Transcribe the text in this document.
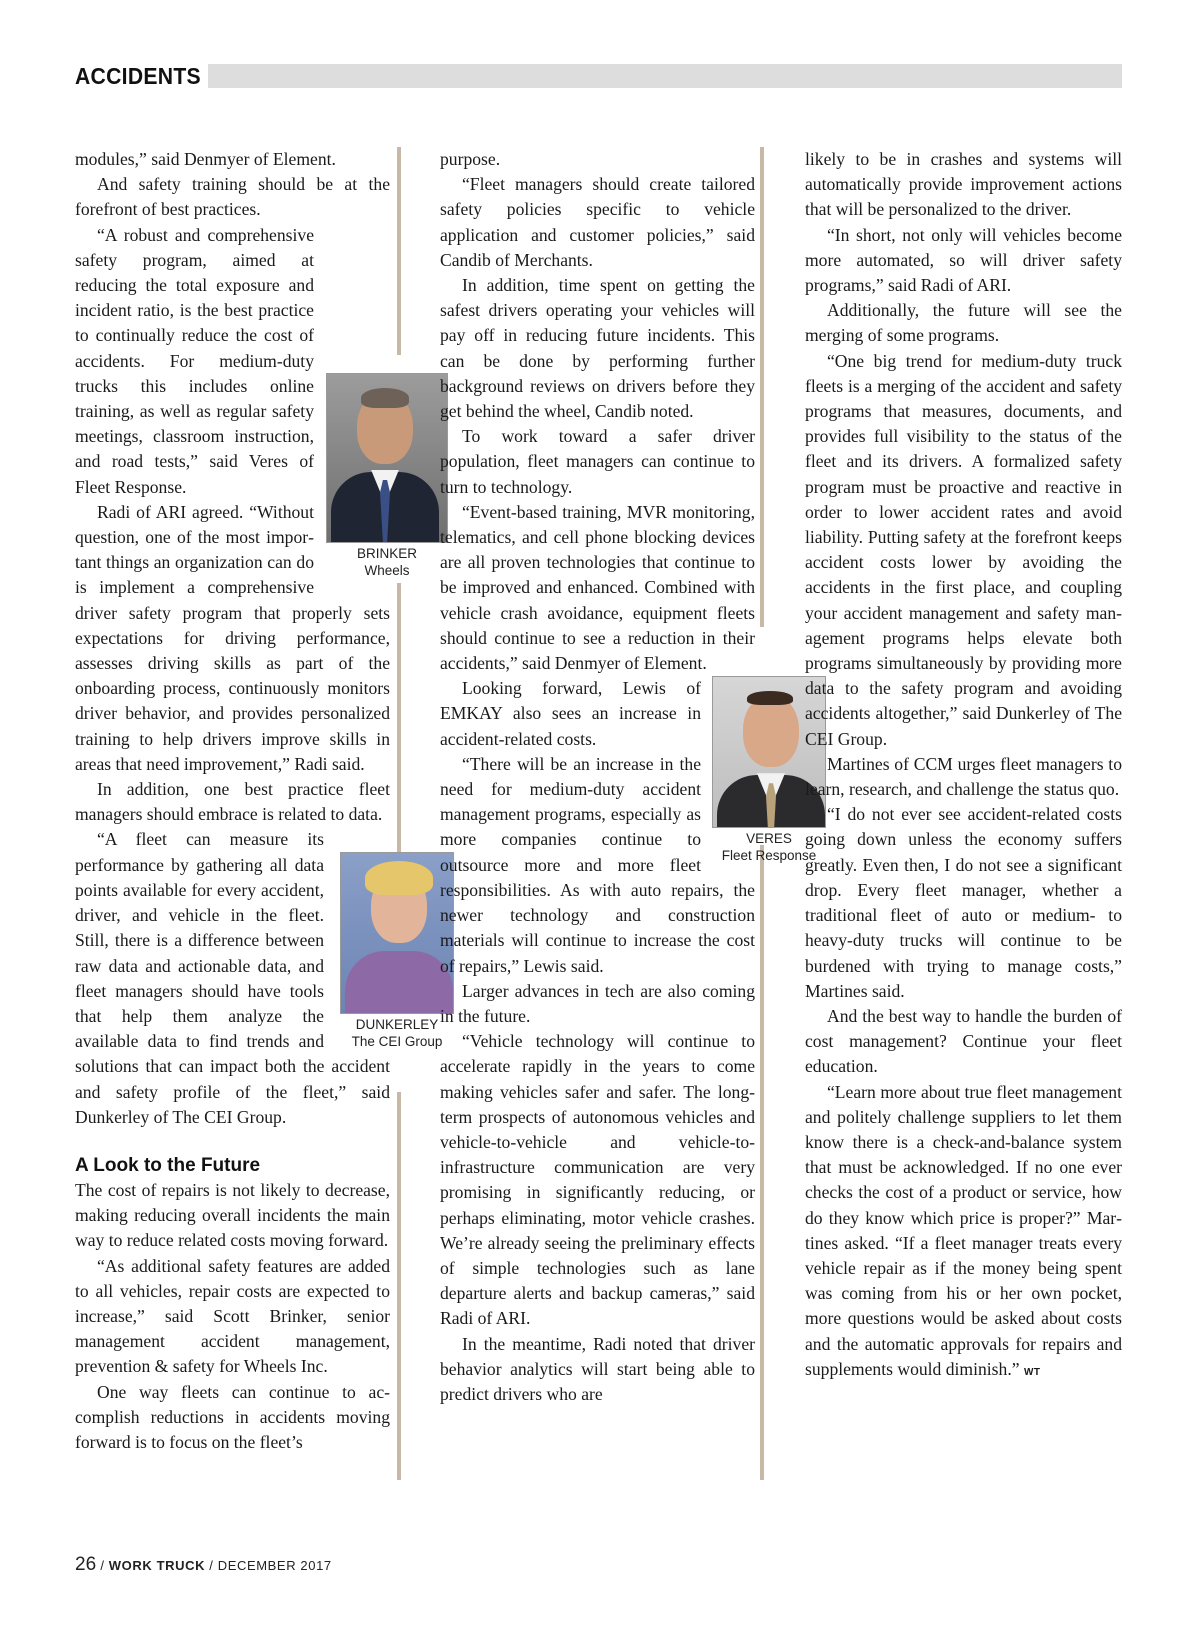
ACCIDENTS

modules,” said Denmyer of Element.

And safety training should be at the forefront of best practices.

BRINKER
Wheels

“A robust and comprehensive safety program, aimed at reducing the total exposure and incident ratio, is the best practice to continually reduce the cost of accidents. For medium-duty trucks this includes online training, as well as regular safety meetings, classroom instruction, and road tests,” said Veres of Fleet Response.

Radi of ARI agreed. “Without question, one of the most important things an organization can do is implement a comprehensive driver safety program that properly sets expectations for driving performance, assesses driving skills as part of the onboarding process, continuously monitors driver behavior, and provides personalized training to help drivers improve skills in areas that need improvement,” Radi said.

In addition, one best practice fleet managers should embrace is related to data.

DUNKERLEY
The CEI Group

“A fleet can measure its performance by gathering all data points available for every accident, driver, and vehicle in the fleet. Still, there is a difference between raw data and actionable data, and fleet managers should have tools that help them analyze the available data to find trends and solutions that can impact both the accident and safety profile of the fleet,” said Dunkerley of The CEI Group.

A Look to the Future

The cost of repairs is not likely to decrease, making reducing overall incidents the main way to reduce related costs moving forward.

“As additional safety features are added to all vehicles, repair costs are expected to increase,” said Scott Brinker, senior management accident management, prevention & safety for Wheels Inc.

One way fleets can continue to accomplish reductions in accidents moving forward is to focus on the fleet’s

purpose.

“Fleet managers should create tailored safety policies specific to vehicle application and customer policies,” said Candib of Merchants.

In addition, time spent on getting the safest drivers operating your vehicles will pay off in reducing future incidents. This can be done by performing further background reviews on drivers before they get behind the wheel, Candib noted.

To work toward a safer driver population, fleet managers can continue to turn to technology.

“Event-based training, MVR monitoring, telematics, and cell phone blocking devices are all proven technologies that continue to be improved and enhanced. Combined with vehicle crash avoidance, equipment fleets should continue to see a reduction in their accidents,” said Denmyer of Element.

VERES
Fleet Response

Looking forward, Lewis of EMKAY also sees an increase in accident-related costs.

“There will be an increase in the need for medium-duty accident management programs, especially as more companies continue to outsource more and more fleet responsibilities. As with auto repairs, the newer technology and construction materials will continue to increase the cost of repairs,” Lewis said.

Larger advances in tech are also coming in the future.

“Vehicle technology will continue to accelerate rapidly in the years to come making vehicles safer and safer. The long-term prospects of autonomous vehicles and vehicle-to-vehicle and vehicle-to-infrastructure communication are very promising in significantly reducing, or perhaps eliminating, motor vehicle crashes. We’re already seeing the preliminary effects of simple technologies such as lane departure alerts and backup cameras,” said Radi of ARI.

In the meantime, Radi noted that driver behavior analytics will start being able to predict drivers who are

likely to be in crashes and systems will automatically provide improvement actions that will be personalized to the driver.

“In short, not only will vehicles become more automated, so will driver safety programs,” said Radi of ARI.

Additionally, the future will see the merging of some programs.

“One big trend for medium-duty truck fleets is a merging of the accident and safety programs that measures, documents, and provides full visibility to the status of the fleet and its drivers. A formalized safety program must be proactive and reactive in order to lower accident rates and avoid liability. Putting safety at the forefront keeps accident costs lower by avoiding the accidents in the first place, and coupling your accident management and safety management programs helps elevate both programs simultaneously by providing more data to the safety program and avoiding accidents altogether,” said Dunkerley of The CEI Group.

Martines of CCM urges fleet managers to learn, research, and challenge the status quo.

“I do not ever see accident-related costs going down unless the economy suffers greatly. Even then, I do not see a significant drop. Every fleet manager, whether a traditional fleet of auto or medium- to heavy-duty trucks will continue to be burdened with trying to manage costs,” Martines said.

And the best way to handle the burden of cost management? Continue your fleet education.

“Learn more about true fleet management and politely challenge suppliers to let them know there is a check-and-balance system that must be acknowledged. If no one ever checks the cost of a product or service, how do they know which price is proper?” Martines asked. “If a fleet manager treats every vehicle repair as if the money being spent was coming from his or her own pocket, more questions would be asked about costs and the automatic approvals for repairs and supplements would diminish.” WT

26 / WORK TRUCK / DECEMBER 2017
